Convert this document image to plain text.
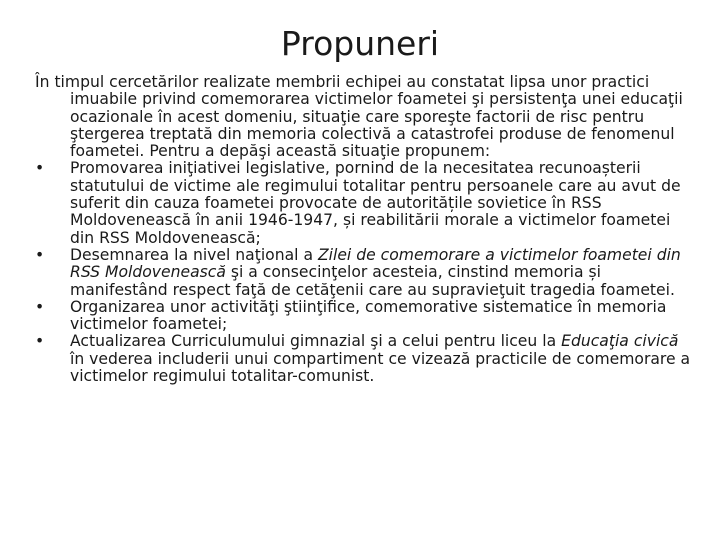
Propuneri

În timpul cercetărilor realizate membrii echipei au constatat lipsa unor practici imuabile privind comemorarea victimelor foametei şi persistenţa unei educaţii ocazionale în acest domeniu, situaţie care sporeşte factorii de risc pentru ştergerea treptată din memoria colectivă a catastrofei produse de fenomenul foametei. Pentru a depăşi această situaţie propunem:

•	Promovarea iniţiativei legislative, pornind de la necesitatea recunoașterii statutului de victime ale regimului totalitar pentru persoanele care au avut de suferit din cauza foametei provocate de autoritățile sovietice în RSS Moldovenească în anii 1946-1947, și reabilitării morale a victimelor foametei din RSS Moldovenească;

•	Desemnarea la nivel naţional a Zilei de comemorare a victimelor foametei din RSS Moldovenească şi a consecinţelor acesteia, cinstind memoria și manifestând respect faţă de cetăţenii care au supravieţuit tragedia foametei.

•	Organizarea unor activităţi ştiinţifice, comemorative sistematice în memoria victimelor foametei;

•	Actualizarea Curriculumului gimnazial şi a celui pentru liceu la Educaţia civică în vederea includerii unui compartiment ce vizează practicile de comemorare a victimelor regimului totalitar-comunist.
